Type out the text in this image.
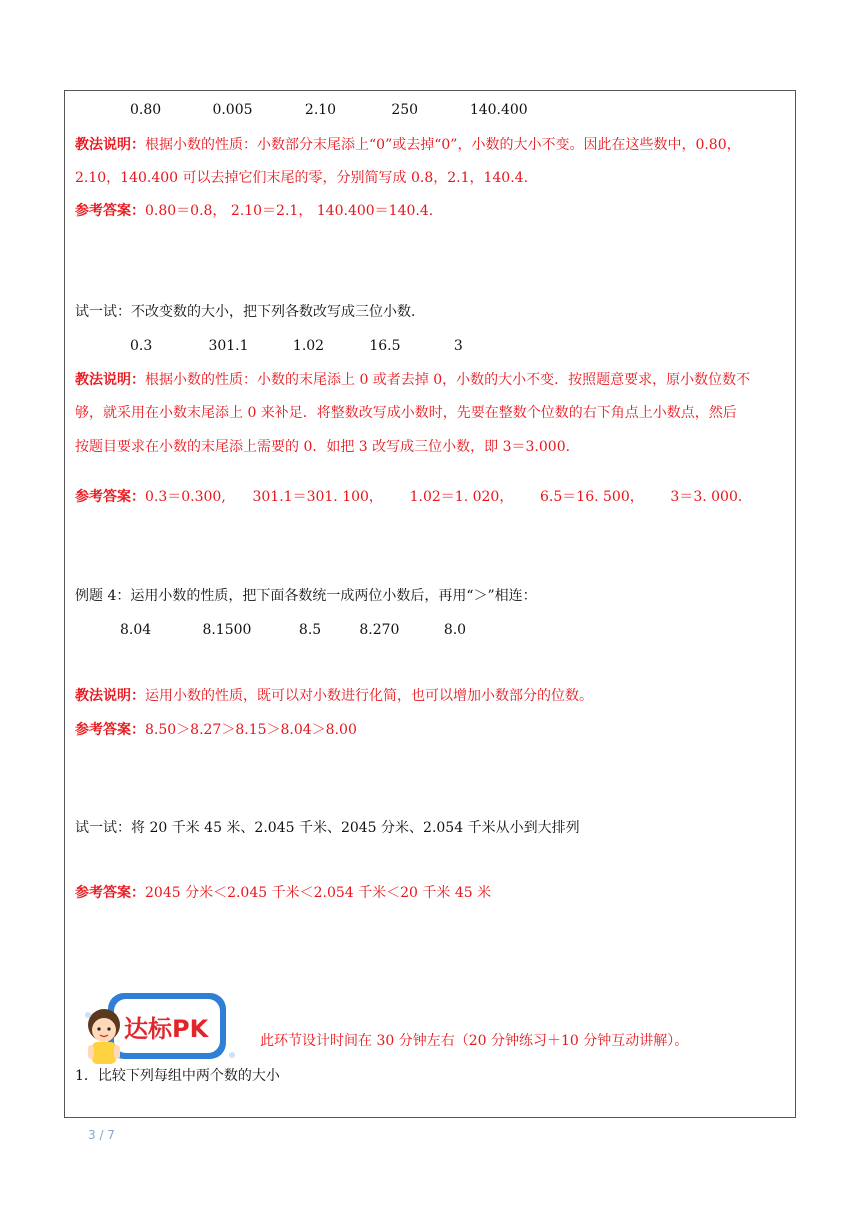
0.80	0.005	2.10	250	140.400
教法说明：根据小数的性质：小数部分末尾添上“0”或去掉“0”，小数的大小不变。因此在这些数中，0.80，
2.10，140.400 可以去掉它们末尾的零，分别简写成 0.8，2.1，140.4.
参考答案：0.80＝0.8， 2.10＝2.1， 140.400＝140.4.
试一试：不改变数的大小，把下列各数改写成三位小数．
0.3	301.1	1.02	16.5	3
教法说明：根据小数的性质：小数的末尾添上 0 或者去掉 0，小数的大小不变．按照题意要求，原小数位数不
够，就采用在小数末尾添上 0 来补足．将整数改写成小数时，先要在整数个位数的右下角点上小数点，然后
按题目要求在小数的末尾添上需要的 0．如把 3 改写成三位小数，即 3＝3.000．
参考答案：0.3＝0.300,      301.1＝301. 100，      1.02＝1. 020，      6.5＝16. 500，      3＝3. 000．
例题 4：运用小数的性质，把下面各数统一成两位小数后，再用“＞”相连：
8.04	8.1500	8.5	8.270	8.0
教法说明：运用小数的性质，既可以对小数进行化简，也可以增加小数部分的位数。
参考答案：8.50＞8.27＞8.15＞8.04＞8.00
试一试：将 20 千米 45 米、2.045 千米、2045 分米、2.054 千米从小到大排列
参考答案：2045 分米＜2.045 千米＜2.054 千米＜20 千米 45 米
达标PK	此环节设计时间在 30 分钟左右（20 分钟练习＋10 分钟互动讲解）。
1．比较下列每组中两个数的大小
3 / 7
